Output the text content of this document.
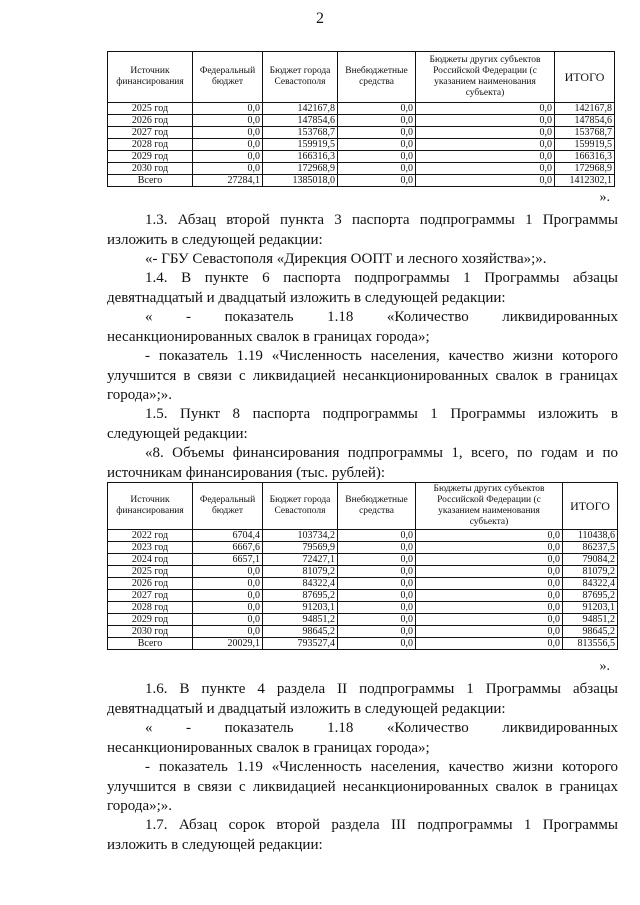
2
Источник финансирования	Федеральный бюджет	Бюджет города Севастополя	Внебюджетные средства	Бюджеты других субъектов Российской Федерации (с указанием наименования субъекта)	ИТОГО
2025 год	0,0	142167,8	0,0	0,0	142167,8
2026 год	0,0	147854,6	0,0	0,0	147854,6
2027 год	0,0	153768,7	0,0	0,0	153768,7
2028 год	0,0	159919,5	0,0	0,0	159919,5
2029 год	0,0	166316,3	0,0	0,0	166316,3
2030 год	0,0	172968,9	0,0	0,0	172968,9
Всего	27284,1	1385018,0	0,0	0,0	1412302,1
».

1.3. Абзац второй пункта 3 паспорта подпрограммы 1 Программы изложить в следующей редакции:

«- ГБУ Севастополя «Дирекция ООПТ и лесного хозяйства»;».

1.4. В пункте 6 паспорта подпрограммы 1 Программы абзацы девятнадцатый и двадцатый изложить в следующей редакции:

« - показатель 1.18 «Количество ликвидированных несанкционированных свалок в границах города»;

- показатель 1.19 «Численность населения, качество жизни которого улучшится в связи с ликвидацией несанкционированных свалок в границах города»;».

1.5. Пункт 8 паспорта подпрограммы 1 Программы изложить в следующей редакции:

«8. Объемы финансирования подпрограммы 1, всего, по годам и по источникам финансирования (тыс. рублей):

Источник финансирования	Федеральный бюджет	Бюджет города Севастополя	Внебюджетные средства	Бюджеты других субъектов Российской Федерации (с указанием наименования субъекта)	ИТОГО
2022 год	6704,4	103734,2	0,0	0,0	110438,6
2023 год	6667,6	79569,9	0,0	0,0	86237,5
2024 год	6657,1	72427,1	0,0	0,0	79084,2
2025 год	0,0	81079,2	0,0	0,0	81079,2
2026 год	0,0	84322,4	0,0	0,0	84322,4
2027 год	0,0	87695,2	0,0	0,0	87695,2
2028 год	0,0	91203,1	0,0	0,0	91203,1
2029 год	0,0	94851,2	0,0	0,0	94851,2
2030 год	0,0	98645,2	0,0	0,0	98645,2
Всего	20029,1	793527,4	0,0	0,0	813556,5
».

1.6. В пункте 4 раздела II подпрограммы 1 Программы абзацы девятнадцатый и двадцатый изложить в следующей редакции:

« - показатель 1.18 «Количество ликвидированных несанкционированных свалок в границах города»;

- показатель 1.19 «Численность населения, качество жизни которого улучшится в связи с ликвидацией несанкционированных свалок в границах города»;».

1.7. Абзац сорок второй раздела III подпрограммы 1 Программы изложить в следующей редакции:
